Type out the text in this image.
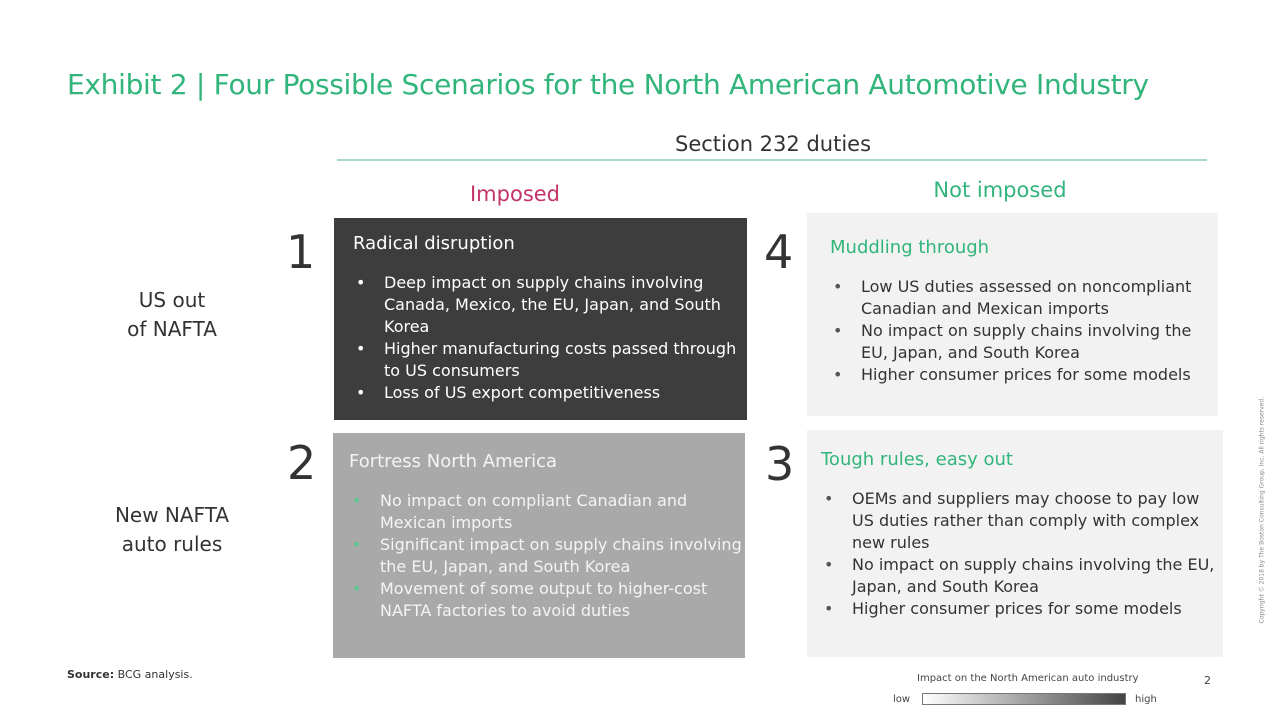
Exhibit 2 | Four Possible Scenarios for the North American Automotive Industry
Section 232 duties
Imposed	Not imposed
US out
of NAFTA
New NAFTA
auto rules
1
2
4
3
Radical disruption
• Deep impact on supply chains involving Canada, Mexico, the EU, Japan, and South Korea
• Higher manufacturing costs passed through to US consumers
• Loss of US export competitiveness
Fortress North America
• No impact on compliant Canadian and Mexican imports
• Significant impact on supply chains involving the EU, Japan, and South Korea
• Movement of some output to higher-cost NAFTA factories to avoid duties
Muddling through
• Low US duties assessed on noncompliant Canadian and Mexican imports
• No impact on supply chains involving the EU, Japan, and South Korea
• Higher consumer prices for some models
Tough rules, easy out
• OEMs and suppliers may choose to pay low US duties rather than comply with complex new rules
• No impact on supply chains involving the EU, Japan, and South Korea
• Higher consumer prices for some models
Source: BCG analysis.	Impact on the North American auto industry
low	high
2
Copyright © 2018 by The Boston Consulting Group, Inc. All rights reserved.
